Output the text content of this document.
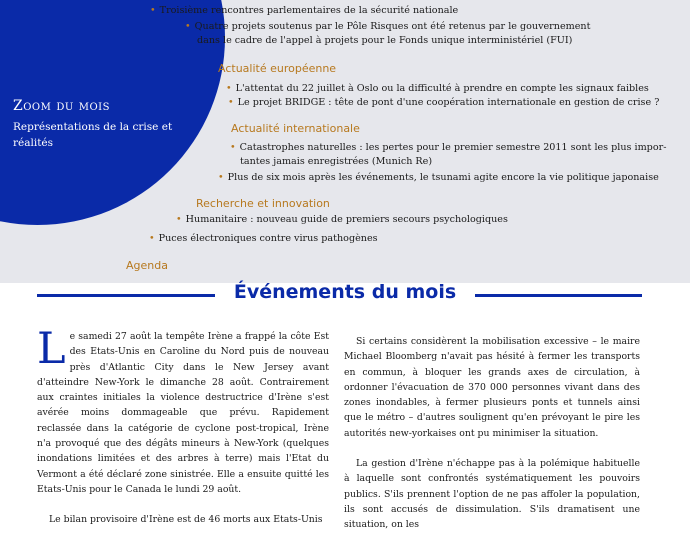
Zoom du mois
Représentations de la crise et réalités
• Troisième rencontres parlementaires de la sécurité nationale
• Quatre projets soutenus par le Pôle Risques ont été retenus par le gouvernement
dans le cadre de l'appel à projets pour le Fonds unique interministériel (FUI)
Actualité européenne
• L'attentat du 22 juillet à Oslo ou la difficulté à prendre en compte les signaux faibles
• Le projet BRIDGE : tête de pont d'une coopération internationale en gestion de crise ?
Actualité internationale
• Catastrophes naturelles : les pertes pour le premier semestre 2011 sont les plus impor-
tantes jamais enregistrées (Munich Re)
• Plus de six mois après les événements, le tsunami agite encore la vie politique japonaise
Recherche et innovation
• Humanitaire : nouveau guide de premiers secours psychologiques
• Puces électroniques contre virus pathogènes
Agenda
Événements du mois

Le samedi 27 août la tempête Irène a frappé la côte Est des Etats-Unis en Caroline du Nord puis de nouveau près d'Atlantic City dans le New Jersey avant d'atteindre New-York le dimanche 28 août. Contrairement aux craintes initiales la violence destructrice d'Irène s'est avérée moins dommageable que prévu. Rapidement reclassée dans la catégorie de cyclone post-tropical, Irène n'a provoqué que des dégâts mineurs à New-York (quelques inondations limitées et des arbres à terre) mais l'Etat du Vermont a été déclaré zone sinistrée. Elle a ensuite quitté les Etats-Unis pour le Canada le lundi 29 août.

Le bilan provisoire d'Irène est de 46 morts aux Etats-Unis

Si certains considèrent la mobilisation excessive – le maire Michael Bloomberg n'avait pas hésité à fermer les transports en commun, à bloquer les grands axes de circulation, à ordonner l'évacuation de 370 000 personnes vivant dans des zones inondables, à fermer plusieurs ponts et tunnels ainsi que le métro – d'autres soulignent qu'en prévoyant le pire les autorités new-yorkaises ont pu minimiser la situation.

La gestion d'Irène n'échappe pas à la polémique habituelle à laquelle sont confrontés systématiquement les pouvoirs publics. S'ils prennent l'option de ne pas affoler la population, ils sont accusés de dissimulation. S'ils dramatisent une situation, on les
